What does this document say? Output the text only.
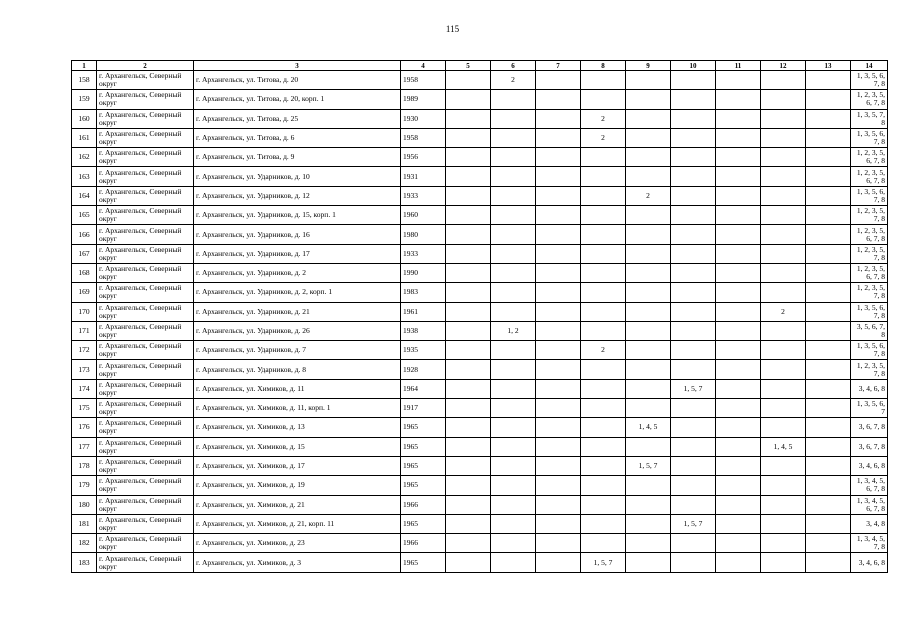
115
1	2	3	4	5	6	7	8	9	10	11	12	13	14
158	г. Архангельск, Северный округ	г. Архангельск, ул. Титова, д. 20	1958		2								1, 3, 5, 6, 7, 8
159	г. Архангельск, Северный округ	г. Архангельск, ул. Титова, д. 20, корп. 1	1989										1, 2, 3, 5, 6, 7, 8
160	г. Архангельск, Северный округ	г. Архангельск, ул. Титова, д. 25	1930				2						1, 3, 5, 7, 8
161	г. Архангельск, Северный округ	г. Архангельск, ул. Титова, д. 6	1958				2						1, 3, 5, 6, 7, 8
162	г. Архангельск, Северный округ	г. Архангельск, ул. Титова, д. 9	1956										1, 2, 3, 5, 6, 7, 8
163	г. Архангельск, Северный округ	г. Архангельск, ул. Ударников, д. 10	1931										1, 2, 3, 5, 6, 7, 8
164	г. Архангельск, Северный округ	г. Архангельск, ул. Ударников, д. 12	1933					2					1, 3, 5, 6, 7, 8
165	г. Архангельск, Северный округ	г. Архангельск, ул. Ударников, д. 15, корп. 1	1960										1, 2, 3, 5, 7, 8
166	г. Архангельск, Северный округ	г. Архангельск, ул. Ударников, д. 16	1980										1, 2, 3, 5, 6, 7, 8
167	г. Архангельск, Северный округ	г. Архангельск, ул. Ударников, д. 17	1933										1, 2, 3, 5, 7, 8
168	г. Архангельск, Северный округ	г. Архангельск, ул. Ударников, д. 2	1990										1, 2, 3, 5, 6, 7, 8
169	г. Архангельск, Северный округ	г. Архангельск, ул. Ударников, д. 2, корп. 1	1983										1, 2, 3, 5, 7, 8
170	г. Архангельск, Северный округ	г. Архангельск, ул. Ударников, д. 21	1961								2		1, 3, 5, 6, 7, 8
171	г. Архангельск, Северный округ	г. Архангельск, ул. Ударников, д. 26	1938		1, 2								3, 5, 6, 7, 8
172	г. Архангельск, Северный округ	г. Архангельск, ул. Ударников, д. 7	1935				2						1, 3, 5, 6, 7, 8
173	г. Архангельск, Северный округ	г. Архангельск, ул. Ударников, д. 8	1928										1, 2, 3, 5, 7, 8
174	г. Архангельск, Северный округ	г. Архангельск, ул. Химиков, д. 11	1964						1, 5, 7				3, 4, 6, 8
175	г. Архангельск, Северный округ	г. Архангельск, ул. Химиков, д. 11, корп. 1	1917										1, 3, 5, 6, 7
176	г. Архангельск, Северный округ	г. Архангельск, ул. Химиков, д. 13	1965					1, 4, 5					3, 6, 7, 8
177	г. Архангельск, Северный округ	г. Архангельск, ул. Химиков, д. 15	1965								1, 4, 5		3, 6, 7, 8
178	г. Архангельск, Северный округ	г. Архангельск, ул. Химиков, д. 17	1965					1, 5, 7					3, 4, 6, 8
179	г. Архангельск, Северный округ	г. Архангельск, ул. Химиков, д. 19	1965										1, 3, 4, 5, 6, 7, 8
180	г. Архангельск, Северный округ	г. Архангельск, ул. Химиков, д. 21	1966										1, 3, 4, 5, 6, 7, 8
181	г. Архангельск, Северный округ	г. Архангельск, ул. Химиков, д. 21, корп. 11	1965						1, 5, 7				3, 4, 8
182	г. Архангельск, Северный округ	г. Архангельск, ул. Химиков, д. 23	1966										1, 3, 4, 5, 7, 8
183	г. Архангельск, Северный округ	г. Архангельск, ул. Химиков, д. 3	1965				1, 5, 7						3, 4, 6, 8
